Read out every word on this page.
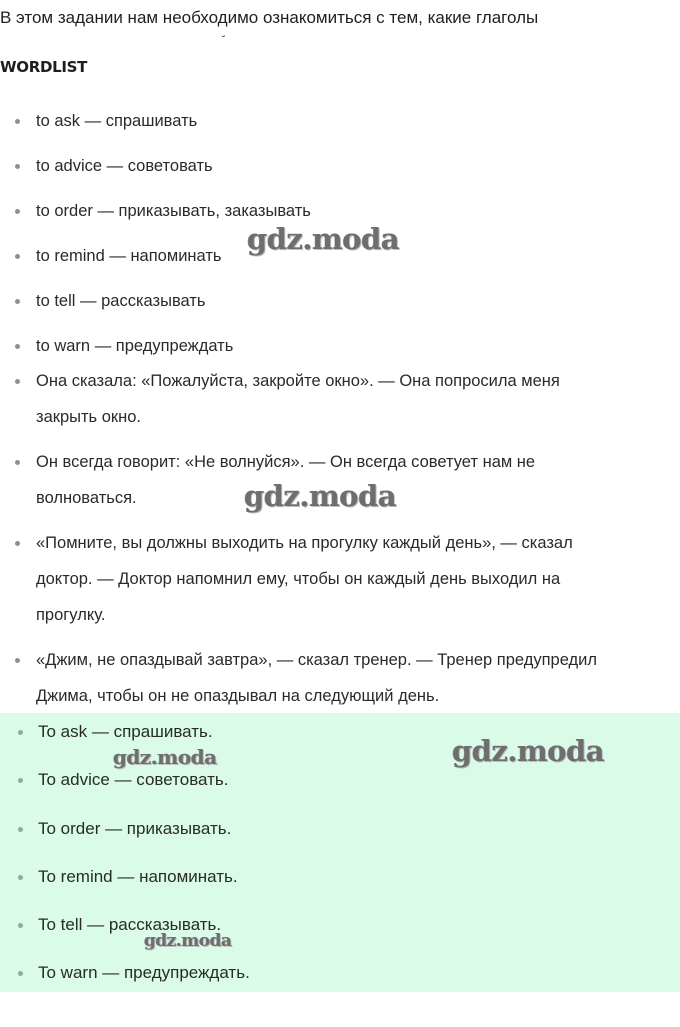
В этом задании нам необходимо ознакомиться с тем, какие глаголы

˘
WORDLIST
to ask — спрашивать
to advice — советовать
to order — приказывать, заказывать
to remind — напоминать
to tell — рассказывать
to warn — предупреждать
Она сказала: «Пожалуйста, закройте окно». — Она попросила меня
закрыть окно.
Он всегда говорит: «Не волнуйся». — Он всегда советует нам не
волноваться.
«Помните, вы должны выходить на прогулку каждый день», — сказал
доктор. — Доктор напомнил ему, чтобы он каждый день выходил на
прогулку.
«Джим, не опаздывай завтра», — сказал тренер. — Тренер предупредил
Джима, чтобы он не опаздывал на следующий день.
To ask — спрашивать.
To advice — советовать.
To order — приказывать.
To remind — напоминать.
To tell — рассказывать.
To warn — предупреждать.
gdz.moda
gdz.moda
gdz.moda
gdz.moda
gdz.moda
